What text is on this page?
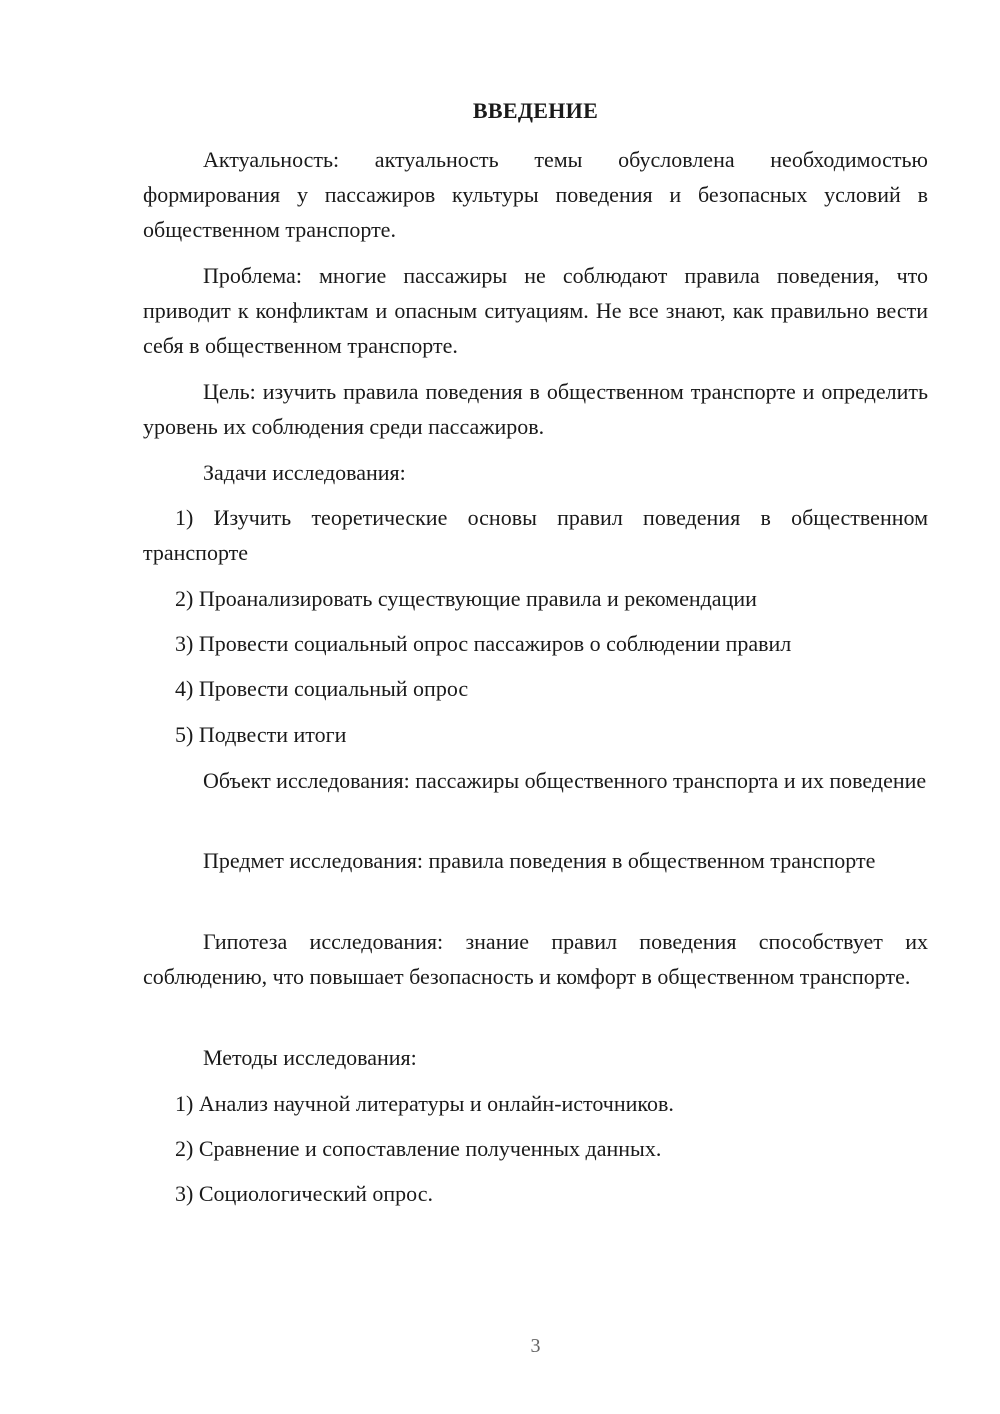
ВВЕДЕНИЕ

Актуальность: актуальность темы обусловлена необходимостью формирования у пассажиров культуры поведения и безопасных условий в общественном транспорте.

Проблема: многие пассажиры не соблюдают правила поведения, что приводит к конфликтам и опасным ситуациям. Не все знают, как правильно вести себя в общественном транспорте.

Цель: изучить правила поведения в общественном транспорте и определить уровень их соблюдения среди пассажиров.

Задачи исследования:

1) Изучить теоретические основы правил поведения в общественном транспорте

2) Проанализировать существующие правила и рекомендации

3) Провести социальный опрос пассажиров о соблюдении правил

4) Провести социальный опрос

5) Подвести итоги

Объект исследования: пассажиры общественного транспорта и их поведение

Предмет исследования: правила поведения в общественном транспорте

Гипотеза исследования: знание правил поведения способствует их соблюдению, что повышает безопасность и комфорт в общественном транспорте.

Методы исследования:

1) Анализ научной литературы и онлайн-источников.

2) Сравнение и сопоставление полученных данных.

3) Социологический опрос.

3
